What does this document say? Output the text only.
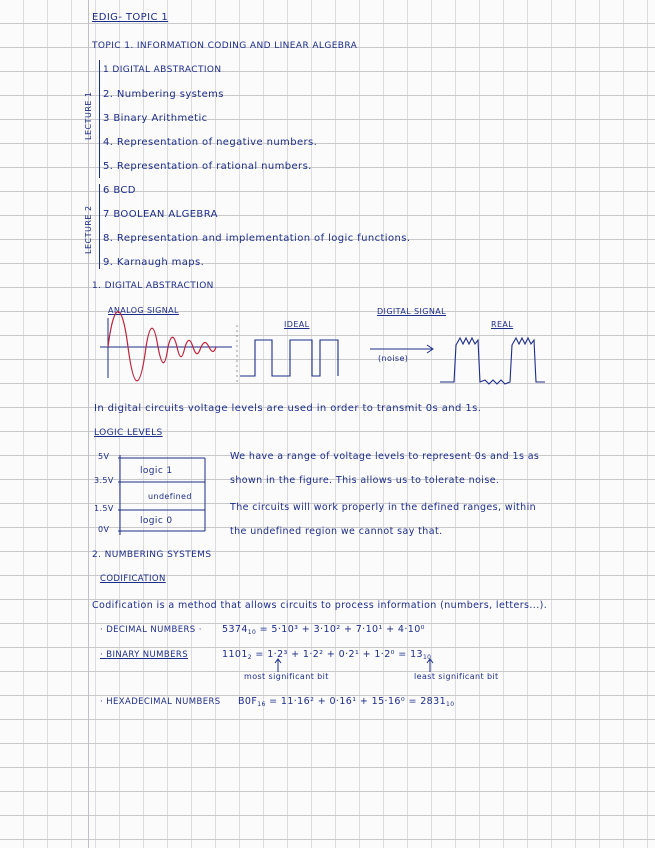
EDIG- TOPIC 1
TOPIC 1. INFORMATION CODING AND LINEAR ALGEBRA
LECTURE 1
1 DIGITAL ABSTRACTION
2. Numbering systems
3 Binary Arithmetic
4. Representation of negative numbers.
5. Representation of rational numbers.
LECTURE 2
6 BCD
7 BOOLEAN ALGEBRA
8. Representation and implementation of logic functions.
9. Karnaugh maps.
1. DIGITAL ABSTRACTION
ANALOG SIGNAL
IDEAL
DIGITAL SIGNAL
REAL
(noise)
In digital circuits voltage levels are used in order to transmit 0s and 1s.
LOGIC LEVELS
5V
3.5V
1.5V
0V
logic 1
undefined
logic 0
We have a range of voltage levels to represent 0s and 1s as
shown in the figure. This allows us to tolerate noise.
The circuits will work properly in the defined ranges, within
the undefined region we cannot say that.
2. NUMBERING SYSTEMS
CODIFICATION
Codification is a method that allows circuits to process information (numbers, letters...).
· DECIMAL NUMBERS · $5374_{10} = 5\cdot 10^3 + 3\cdot 10^2 + 7\cdot 10^1 + 4\cdot 10^0$
· BINARY NUMBERS	$1101_2 = 1\cdot 2^3 + 1\cdot 2^2 + 0\cdot 2^1 + 1\cdot 2^0 = 13_{10}$
most significant bit	least significant bit
· HEXADECIMAL NUMBERS $B0F_{16} = 11\cdot 16^2 + 0\cdot 16^1 + 15\cdot 16^0 = 2831_{10}$
